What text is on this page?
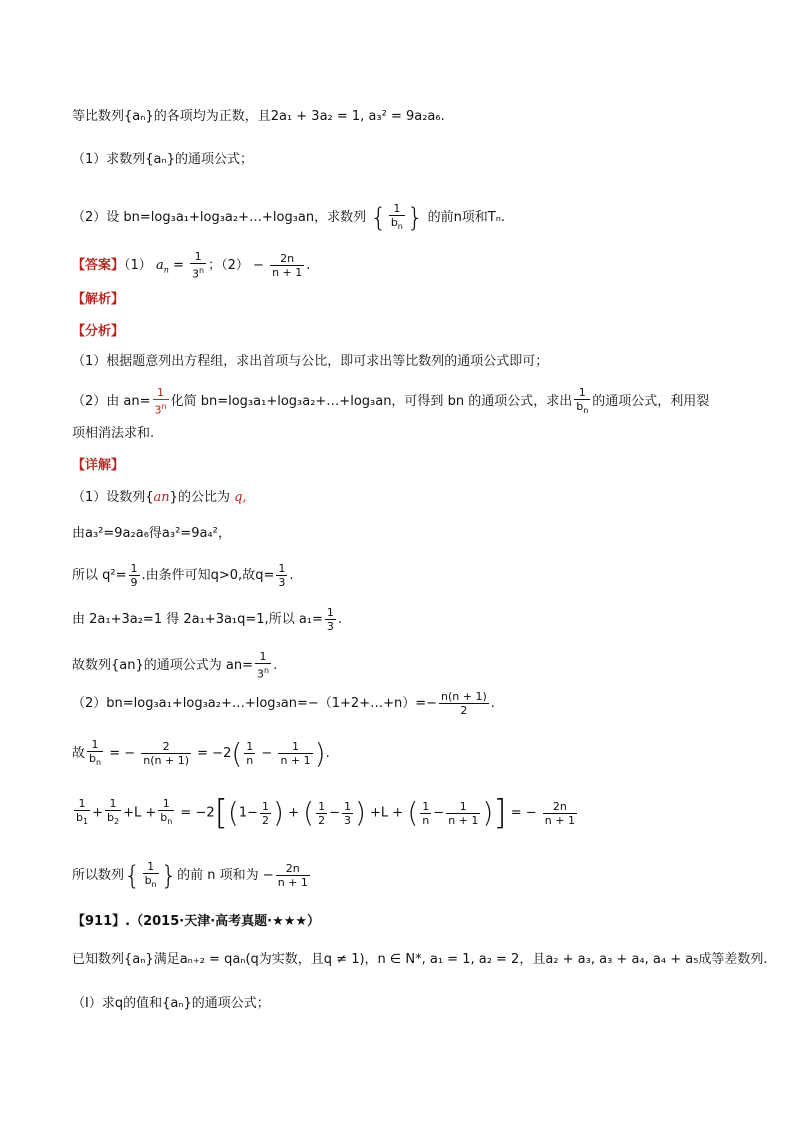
等比数列{aₙ}的各项均为正数，且2a₁ + 3a₂ = 1, a₃² = 9a₂a₆.
（1）求数列{aₙ}的通项公式；
（2）设 bn=log₃a₁+log₃a₂+…+log₃an，求数列 { $\frac{1}{b_n}$ } 的前n项和Tₙ.
【答案】（1） $a_n = \frac{1}{3^n}$ ；$(2) - \frac{2n}{n + 1}$ .
【解析】
【分析】
（1）根据题意列出方程组，求出首项与公比，即可求出等比数列的通项公式即可；
（2）由 $an= \frac{1}{3^n}$ 化简 bn=log₃a₁+log₃a₂+…+log₃an，可得到 bn 的通项公式，求出 $\frac{1}{b_n}$ 的通项公式，利用裂
项相消法求和.
【详解】
（1）设数列{an}的公比为 q,
由a₃²=9a₂a₆得a₃²=9a₄²，
所以 $q^2= \frac{1}{9}$ .由条件可知q>0,故$q= \frac{1}{3}$ .
由 2a₁+3a₂=1 得 2a₁+3a₁q=1,所以 $a_1= \frac{1}{3}$ .
故数列{an}的通项公式为 $an= \frac{1}{3^n}$ .
（2）bn=log₃a₁+log₃a₂+…+log₃an=−（1+2+…+n）=− $\frac{n(n + 1)}{2}$ .
故 $\frac{1}{b_n}$ = − $\frac{2}{n(n + 1)} = -2( \frac{1}{n} - \frac{1}{n + 1}$ ).
$\frac{1}{b_1} + \frac{1}{b_2} +L + \frac{1}{b_n} = -2[(1- \frac{1}{2}$ ) + ( $\frac{1}{2} - \frac{1}{3}$ ) +L + ( $\frac{1}{n} - \frac{1}{n + 1}$ )] = − $\frac{2n}{n + 1}$
所以数列{ $\frac{1}{b_n}$ }的前 n 项和为 − $\frac{2n}{n + 1}$
【911】.（2015·天津·高考真题·★★★）
已知数列{aₙ}满足aₙ₊₂ = qaₙ(q为实数，且q ≠ 1)，n ∈ N*, a₁ = 1, a₂ = 2，且a₂ + a₃, a₃ + a₄, a₄ + a₅成等差数列.
（Ⅰ）求q的值和{aₙ}的通项公式；
